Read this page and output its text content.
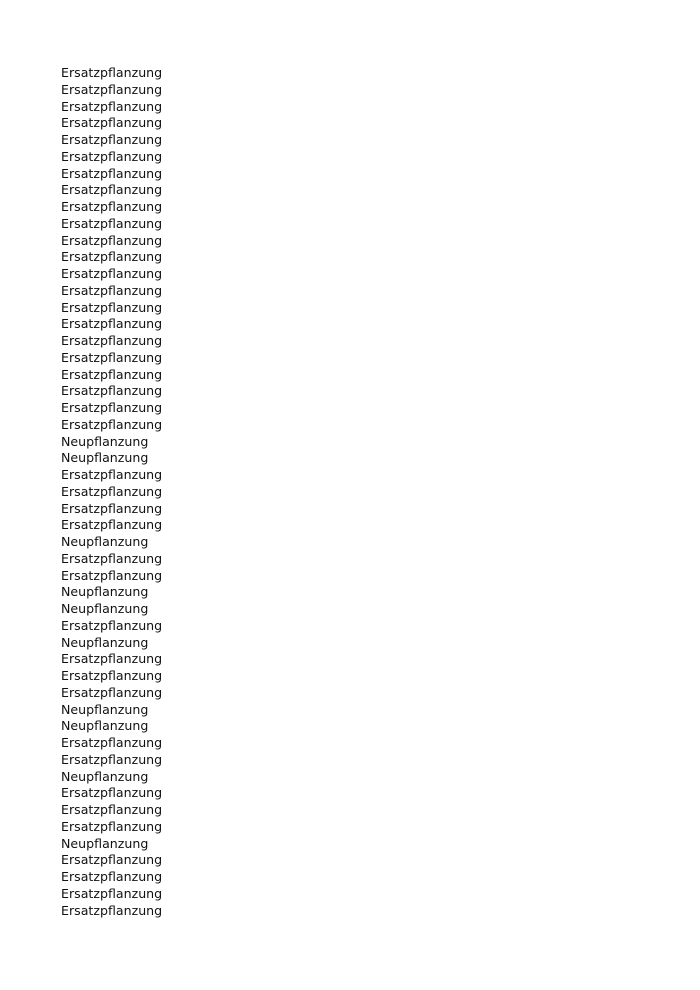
Ersatzpflanzung
Ersatzpflanzung
Ersatzpflanzung
Ersatzpflanzung
Ersatzpflanzung
Ersatzpflanzung
Ersatzpflanzung
Ersatzpflanzung
Ersatzpflanzung
Ersatzpflanzung
Ersatzpflanzung
Ersatzpflanzung
Ersatzpflanzung
Ersatzpflanzung
Ersatzpflanzung
Ersatzpflanzung
Ersatzpflanzung
Ersatzpflanzung
Ersatzpflanzung
Ersatzpflanzung
Ersatzpflanzung
Ersatzpflanzung
Neupflanzung
Neupflanzung
Ersatzpflanzung
Ersatzpflanzung
Ersatzpflanzung
Ersatzpflanzung
Neupflanzung
Ersatzpflanzung
Ersatzpflanzung
Neupflanzung
Neupflanzung
Ersatzpflanzung
Neupflanzung
Ersatzpflanzung
Ersatzpflanzung
Ersatzpflanzung
Neupflanzung
Neupflanzung
Ersatzpflanzung
Ersatzpflanzung
Neupflanzung
Ersatzpflanzung
Ersatzpflanzung
Ersatzpflanzung
Neupflanzung
Ersatzpflanzung
Ersatzpflanzung
Ersatzpflanzung
Ersatzpflanzung
